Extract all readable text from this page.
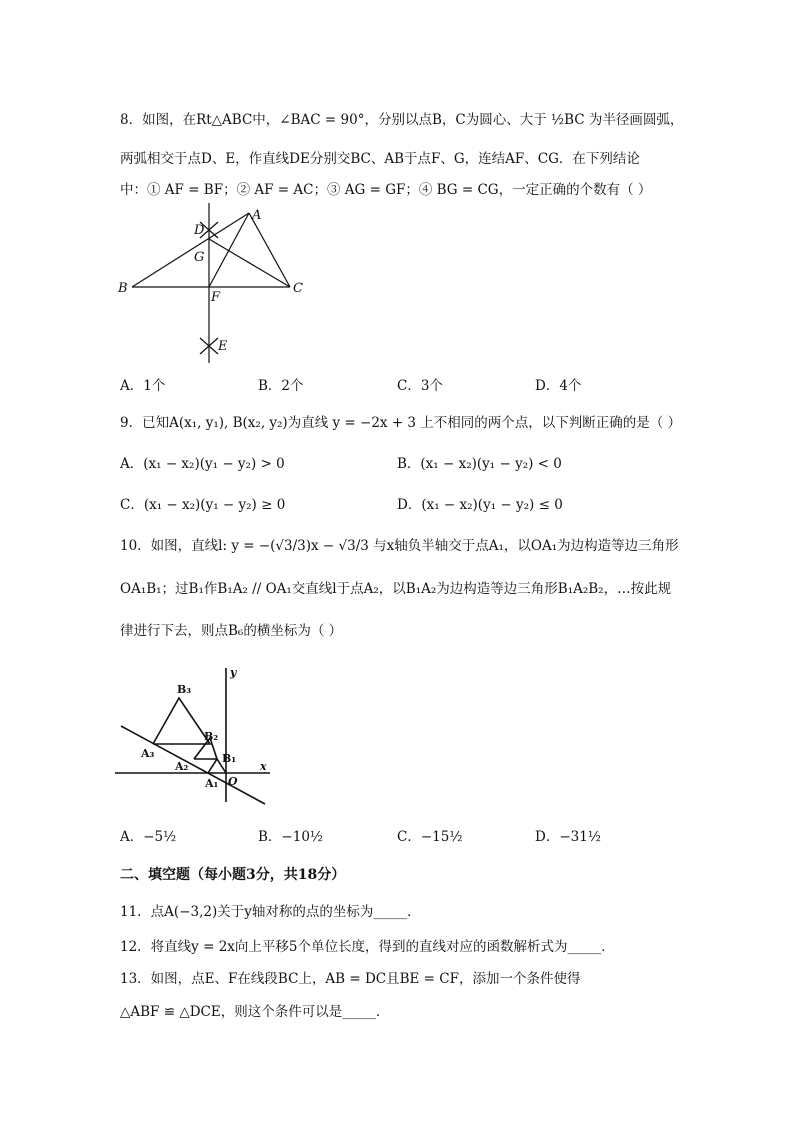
8．如图，在Rt△ABC中，∠BAC = 90°，分别以点B，C为圆心、大于 ½BC 为半径画圆弧，
两弧相交于点D、E，作直线DE分别交BC、AB于点F、G，连结AF、CG．在下列结论
中：① AF = BF；② AF = AC；③ AG = GF；④ BG = CG，一定正确的个数有（ ）
A
B	C
D
E
F
G
A．1个	B．2个	C．3个	D．4个
9．已知A(x₁, y₁), B(x₂, y₂)为直线 y = −2x + 3 上不相同的两个点，以下判断正确的是（ ）
A．(x₁ − x₂)(y₁ − y₂) > 0	B．(x₁ − x₂)(y₁ − y₂) < 0
C．(x₁ − x₂)(y₁ − y₂) ≥ 0	D．(x₁ − x₂)(y₁ − y₂) ≤ 0
10．如图，直线l: y = −(√3/3)x − √3/3 与x轴负半轴交于点A₁，以OA₁为边构造等边三角形
OA₁B₁；过B₁作B₁A₂ // OA₁交直线l于点A₂，以B₁A₂为边构造等边三角形B₁A₂B₂，…按此规
律进行下去，则点B₆的横坐标为（ ）
y
x
O
A₁
A₂
A₃	B₁
B₂
B₃
A．−5½	B．−10½	C．−15½	D．−31½
二、填空题（每小题3分，共18分）
11．点A(−3,2)关于y轴对称的点的坐标为_____．
12．将直线y = 2x向上平移5个单位长度，得到的直线对应的函数解析式为_____．
13．如图，点E、F在线段BC上，AB = DC且BE = CF，添加一个条件使得
△ABF ≌ △DCE，则这个条件可以是_____．
